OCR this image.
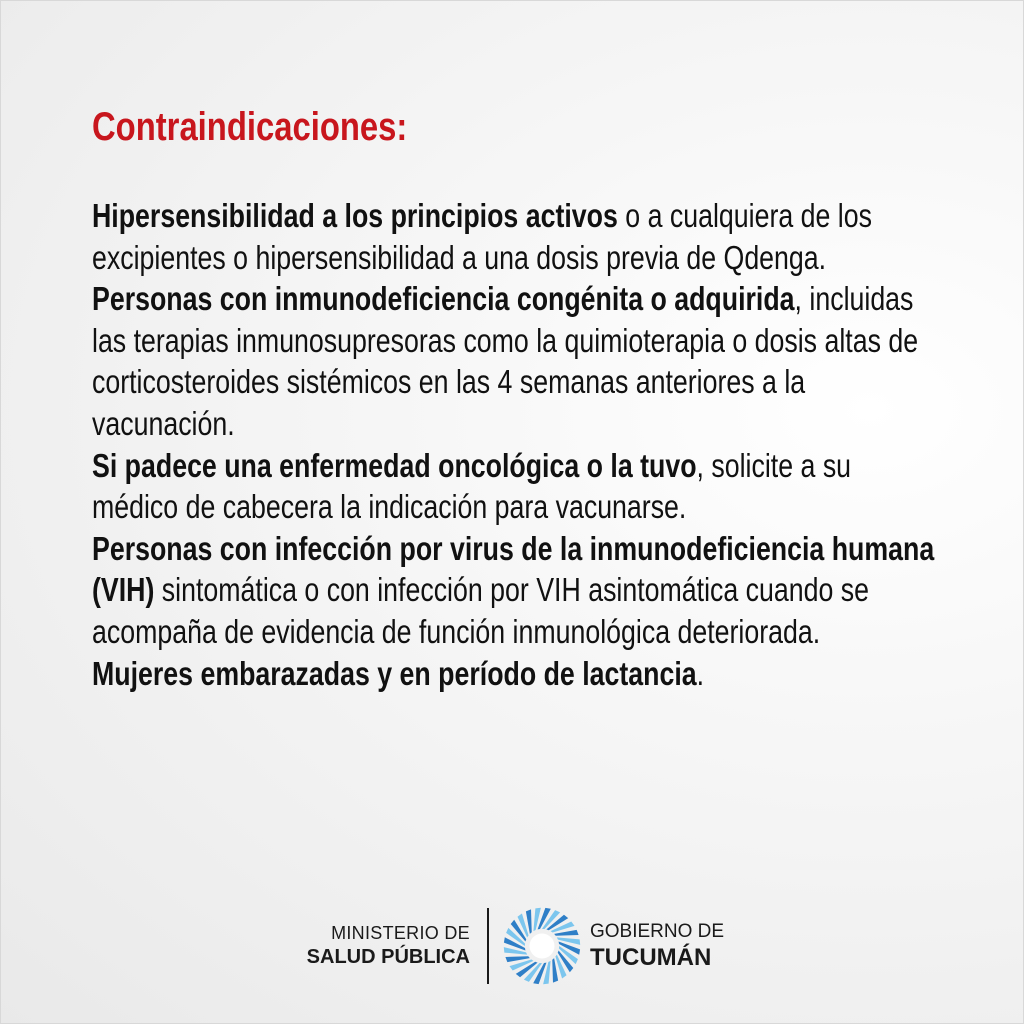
Contraindicaciones:

Hipersensibilidad a los principios activos o a cualquiera de los excipientes o hipersensibilidad a una dosis previa de Qdenga.

Personas con inmunodeficiencia congénita o adquirida, incluidas las terapias inmunosupresoras como la quimioterapia o dosis altas de corticosteroides sistémicos en las 4 semanas anteriores a la vacunación.

Si padece una enfermedad oncológica o la tuvo, solicite a su médico de cabecera la indicación para vacunarse.

Personas con infección por virus de la inmunodeficiencia humana (VIH) sintomática o con infección por VIH asintomática cuando se acompaña de evidencia de función inmunológica deteriorada.

Mujeres embarazadas y en período de lactancia.

MINISTERIO DE
SALUD PÚBLICA
GOBIERNO DE
TUCUMÁN
